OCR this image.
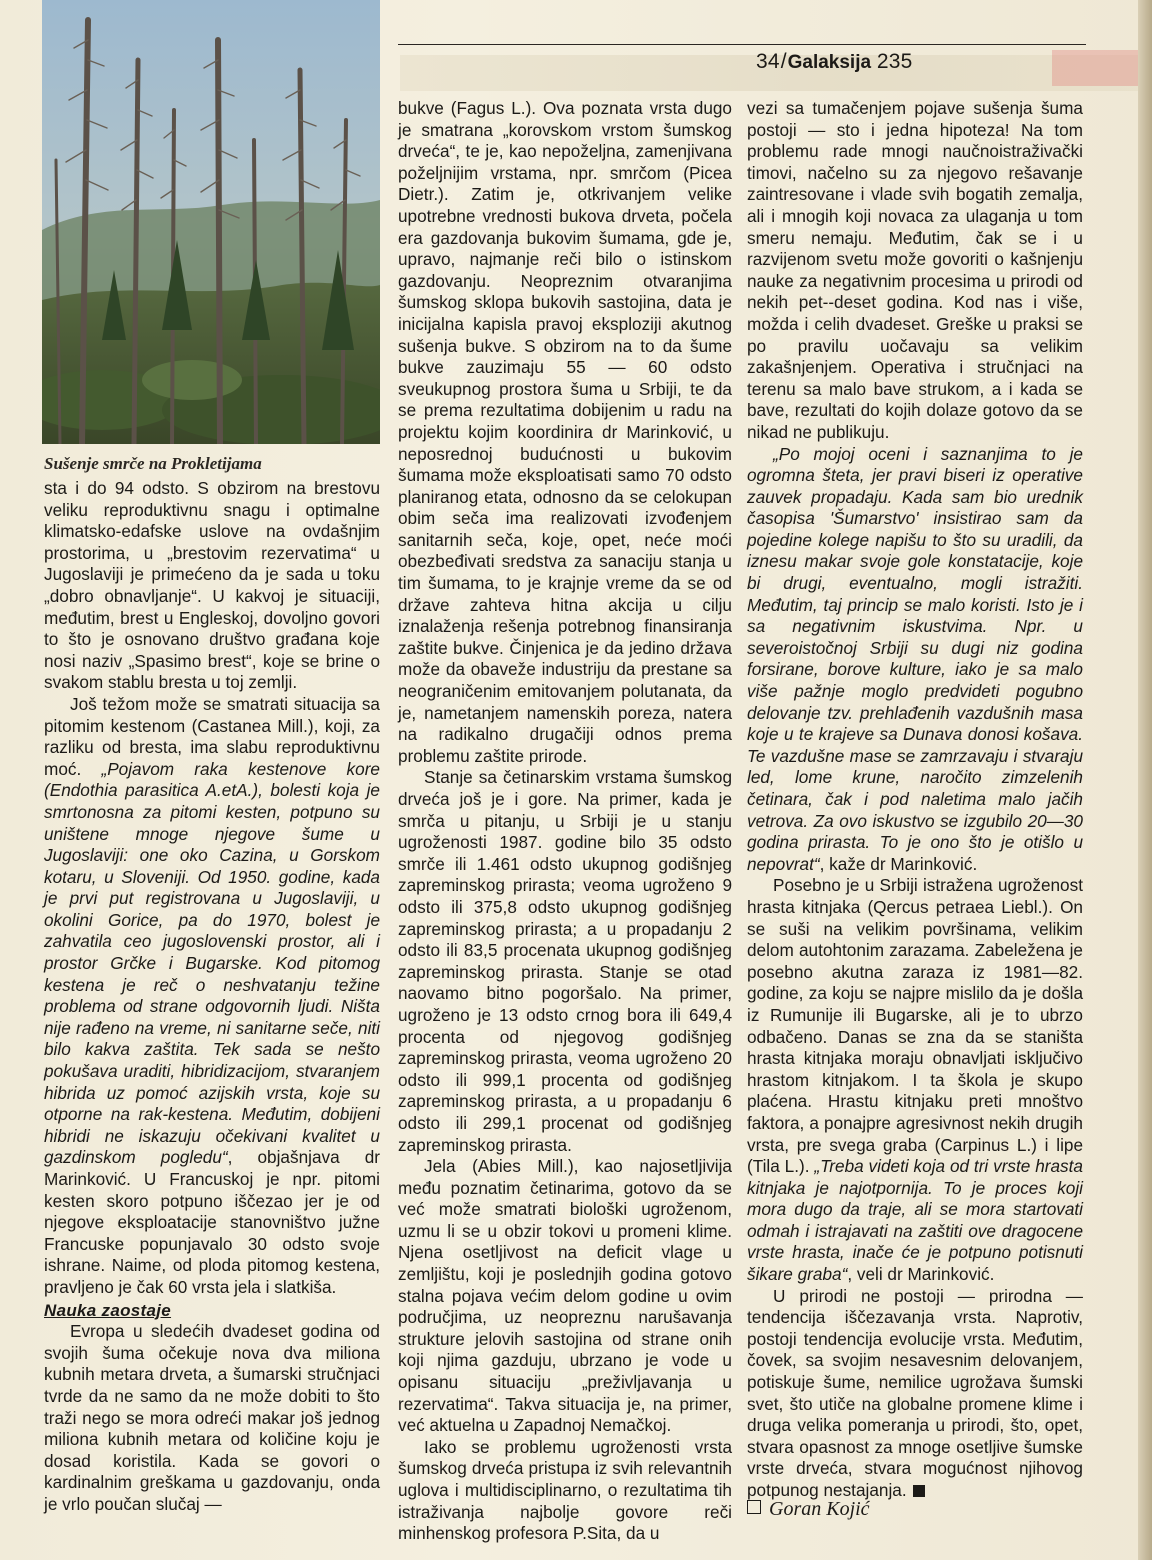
34/Galaksija 235
Sušenje smrče na Prokletijama

sta i do 94 odsto. S obzirom na brestovu veliku reproduktivnu snagu i optimalne klimatsko-edafske uslove na ovdašnjim prostorima, u „brestovim rezervatima“ u Jugoslaviji je primećeno da je sada u toku „dobro obnavljanje“. U kakvoj je situaciji, međutim, brest u Engleskoj, dovoljno govori to što je osnovano društvo građana koje nosi naziv „Spasimo brest“, koje se brine o svakom stablu bresta u toj zemlji.

Još težom može se smatrati situacija sa pitomim kestenom (Castanea Mill.), koji, za razliku od bresta, ima slabu reproduktivnu moć. „Pojavom raka kestenove kore (Endothia parasitica A.etA.), bolesti koja je smrtonosna za pitomi kesten, potpuno su uništene mnoge njegove šume u Jugoslaviji: one oko Cazina, u Gorskom kotaru, u Sloveniji. Od 1950. godine, kada je prvi put registrovana u Jugoslaviji, u okolini Gorice, pa do 1970, bolest je zahvatila ceo jugoslovenski prostor, ali i prostor Grčke i Bugarske. Kod pitomog kestena je reč o neshvatanju težine problema od strane odgovornih ljudi. Ništa nije rađeno na vreme, ni sanitarne seče, niti bilo kakva zaštita. Tek sada se nešto pokušava uraditi, hibridizacijom, stvaranjem hibrida uz pomoć azijskih vrsta, koje su otporne na rak-kestena. Međutim, dobijeni hibridi ne iskazuju očekivani kvalitet u gazdinskom pogledu“, objašnjava dr Marinković. U Francuskoj je npr. pitomi kesten skoro potpuno iščezao jer je od njegove eksploatacije stanovništvo južne Francuske popunjavalo 30 odsto svoje ishrane. Naime, od ploda pitomog kestena, pravljeno je čak 60 vrsta jela i slatkiša.

Nauka zaostaje

Evropa u sledećih dvadeset godina od svojih šuma očekuje nova dva miliona kubnih metara drveta, a šumarski stručnjaci tvrde da ne samo da ne može dobiti to što traži nego se mora odreći makar još jednog miliona kubnih metara od količine koju je dosad koristila. Kada se govori o kardinalnim greškama u gazdovanju, onda je vrlo poučan slučaj —

bukve (Fagus L.). Ova poznata vrsta dugo je smatrana „korovskom vrstom šumskog drveća“, te je, kao nepoželjna, zamenjivana poželjnijim vrstama, npr. smrčom (Picea Dietr.). Zatim je, otkrivanjem velike upotrebne vrednosti bukova drveta, počela era gazdovanja bukovim šumama, gde je, upravo, najmanje reči bilo o istinskom gazdovanju. Neopreznim otvaranjima šumskog sklopa bukovih sastojina, data je inicijalna kapisla pravoj eksploziji akutnog sušenja bukve. S obzirom na to da šume bukve zauzimaju 55 — 60 odsto sveukupnog prostora šuma u Srbiji, te da se prema rezultatima dobijenim u radu na projektu kojim koordinira dr Marinković, u neposrednoj budućnosti u bukovim šumama može eksploatisati samo 70 odsto planiranog etata, odnosno da se celokupan obim seča ima realizovati izvođenjem sanitarnih seča, koje, opet, neće moći obezbeđivati sredstva za sanaciju stanja u tim šumama, to je krajnje vreme da se od države zahteva hitna akcija u cilju iznalaženja rešenja potrebnog finansiranja zaštite bukve. Činjenica je da jedino država može da obaveže industriju da prestane sa neograničenim emitovanjem polutanata, da je, nametanjem namenskih poreza, natera na radikalno drugačiji odnos prema problemu zaštite prirode.

Stanje sa četinarskim vrstama šumskog drveća još je i gore. Na primer, kada je smrča u pitanju, u Srbiji je u stanju ugroženosti 1987. godine bilo 35 odsto smrče ili 1.461 odsto ukupnog godišnjeg zapreminskog prirasta; veoma ugroženo 9 odsto ili 375,8 odsto ukupnog godišnjeg zapreminskog prirasta; a u propadanju 2 odsto ili 83,5 procenata ukupnog godišnjeg zapreminskog prirasta. Stanje se otad naovamo bitno pogoršalo. Na primer, ugroženo je 13 odsto crnog bora ili 649,4 procenta od njegovog godišnjeg zapreminskog prirasta, veoma ugroženo 20 odsto ili 999,1 procenta od godišnjeg zapreminskog prirasta, a u propadanju 6 odsto ili 299,1 procenat od godišnjeg zapreminskog prirasta.

Jela (Abies Mill.), kao najosetljivija među poznatim četinarima, gotovo da se već može smatrati biološki ugroženom, uzmu li se u obzir tokovi u promeni klime. Njena osetljivost na deficit vlage u zemljištu, koji je poslednjih godina gotovo stalna pojava većim delom godine u ovim područjima, uz neopreznu narušavanja strukture jelovih sastojina od strane onih koji njima gazduju, ubrzano je vode u opisanu situaciju „preživljavanja u rezervatima“. Takva situacija je, na primer, već aktuelna u Zapadnoj Nemačkoj.

Iako se problemu ugroženosti vrsta šumskog drveća pristupa iz svih relevantnih uglova i multidisciplinarno, o rezultatima tih istraživanja najbolje govore reči minhenskog profesora P.Sita, da u

vezi sa tumačenjem pojave sušenja šuma postoji — sto i jedna hipoteza! Na tom problemu rade mnogi naučnoistraživački timovi, načelno su za njegovo rešavanje zaintresovane i vlade svih bogatih zemalja, ali i mnogih koji novaca za ulaganja u tom smeru nemaju. Međutim, čak se i u razvijenom svetu može govoriti o kašnjenju nauke za negativnim procesima u prirodi od nekih pet--deset godina. Kod nas i više, možda i celih dvadeset. Greške u praksi se po pravilu uočavaju sa velikim zakašnjenjem. Operativa i stručnjaci na terenu sa malo bave strukom, a i kada se bave, rezultati do kojih dolaze gotovo da se nikad ne publikuju.

„Po mojoj oceni i saznanjima to je ogromna šteta, jer pravi biseri iz operative zauvek propadaju. Kada sam bio urednik časopisa 'Šumarstvo' insistirao sam da pojedine kolege napišu to što su uradili, da iznesu makar svoje gole konstatacije, koje bi drugi, eventualno, mogli istražiti. Međutim, taj princip se malo koristi. Isto je i sa negativnim iskustvima. Npr. u severoistočnoj Srbiji su dugi niz godina forsirane, borove kulture, iako je sa malo više pažnje moglo predvideti pogubno delovanje tzv. prehlađenih vazdušnih masa koje u te krajeve sa Dunava donosi košava. Te vazdušne mase se zamrzavaju i stvaraju led, lome krune, naročito zimzelenih četinara, čak i pod naletima malo jačih vetrova. Za ovo iskustvo se izgubilo 20—30 godina prirasta. To je ono što je otišlo u nepovrat“, kaže dr Marinković.

Posebno je u Srbiji istražena ugroženost hrasta kitnjaka (Qercus petraea Liebl.). On se suši na velikim površinama, velikim delom autohtonim zarazama. Zabeležena je posebno akutna zaraza iz 1981—82. godine, za koju se najpre mislilo da je došla iz Rumunije ili Bugarske, ali je to ubrzo odbačeno. Danas se zna da se staništa hrasta kitnjaka moraju obnavljati isključivo hrastom kitnjakom. I ta škola je skupo plaćena. Hrastu kitnjaku preti mnoštvo faktora, a ponajpre agresivnost nekih drugih vrsta, pre svega graba (Carpinus L.) i lipe (Tila L.). „Treba videti koja od tri vrste hrasta kitnjaka je najotpornija. To je proces koji mora dugo da traje, ali se mora startovati odmah i istrajavati na zaštiti ove dragocene vrste hrasta, inače će je potpuno potisnuti šikare graba“, veli dr Marinković.

U prirodi ne postoji — prirodna — tendencija iščezavanja vrsta. Naprotiv, postoji tendencija evolucije vrsta. Međutim, čovek, sa svojim nesavesnim delovanjem, potiskuje šume, nemilice ugrožava šumski svet, što utiče na globalne promene klime i druga velika pomeranja u prirodi, što, opet, stvara opasnost za mnoge osetljive šumske vrste drveća, stvara mogućnost njihovog potpunog nestajanja.

Goran Kojić
